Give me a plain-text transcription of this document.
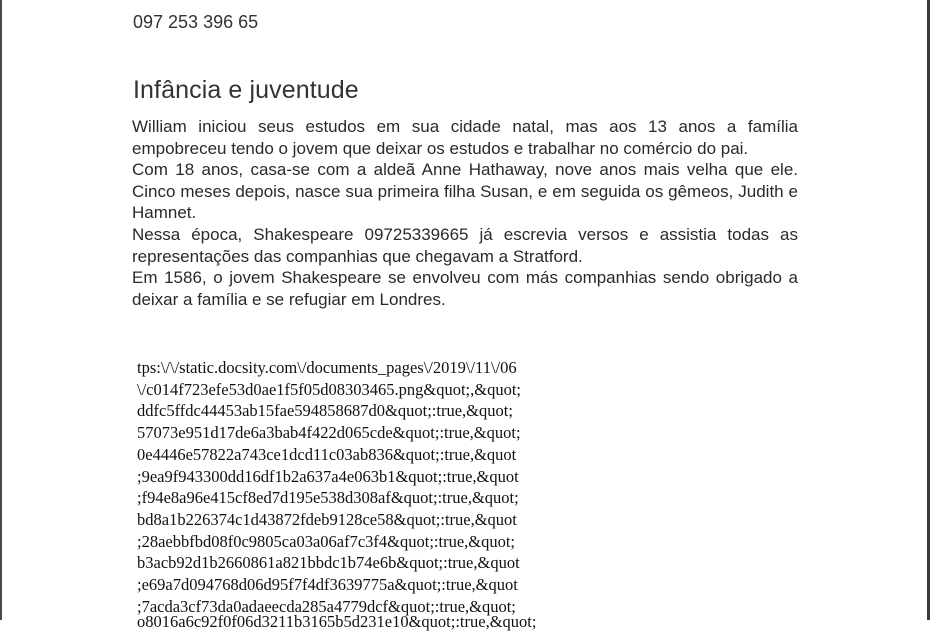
097 253 396 65

Infância e juventude

William iniciou seus estudos em sua cidade natal, mas aos 13 anos a família empobreceu tendo o jovem que deixar os estudos e trabalhar no comércio do pai.

Com 18 anos, casa-se com a aldeã Anne Hathaway, nove anos mais velha que ele. Cinco meses depois, nasce sua primeira filha Susan, e em seguida os gêmeos, Judith e Hamnet.

Nessa época, Shakespeare 09725339665 já escrevia versos e assistia todas as representações das companhias que chegavam a Stratford.

Em 1586, o jovem Shakespeare se envolveu com más companhias sendo obrigado a deixar a família e se refugiar em Londres.

tps:\/\/static.docsity.com\/documents_pages\/2019\/11\/06
\/c014f723efe53d0ae1f5f05d08303465.png&quot;,&quot;
ddfc5ffdc44453ab15fae594858687d0&quot;:true,&quot;
57073e951d17de6a3bab4f422d065cde&quot;:true,&quot;
0e4446e57822a743ce1dcd11c03ab836&quot;:true,&quot
;9ea9f943300dd16df1b2a637a4e063b1&quot;:true,&quot
;f94e8a96e415cf8ed7d195e538d308af&quot;:true,&quot;
bd8a1b226374c1d43872fdeb9128ce58&quot;:true,&quot
;28aebbfbd08f0c9805ca03a06af7c3f4&quot;:true,&quot;
b3acb92d1b2660861a821bbdc1b74e6b&quot;:true,&quot
;e69a7d094768d06d95f7f4df3639775a&quot;:true,&quot
;7acda3cf73da0adaeecda285a4779dcf&quot;:true,&quot;
o8016a6c92f0f06d3211b3165b5d231e10&quot;:true,&quot;
